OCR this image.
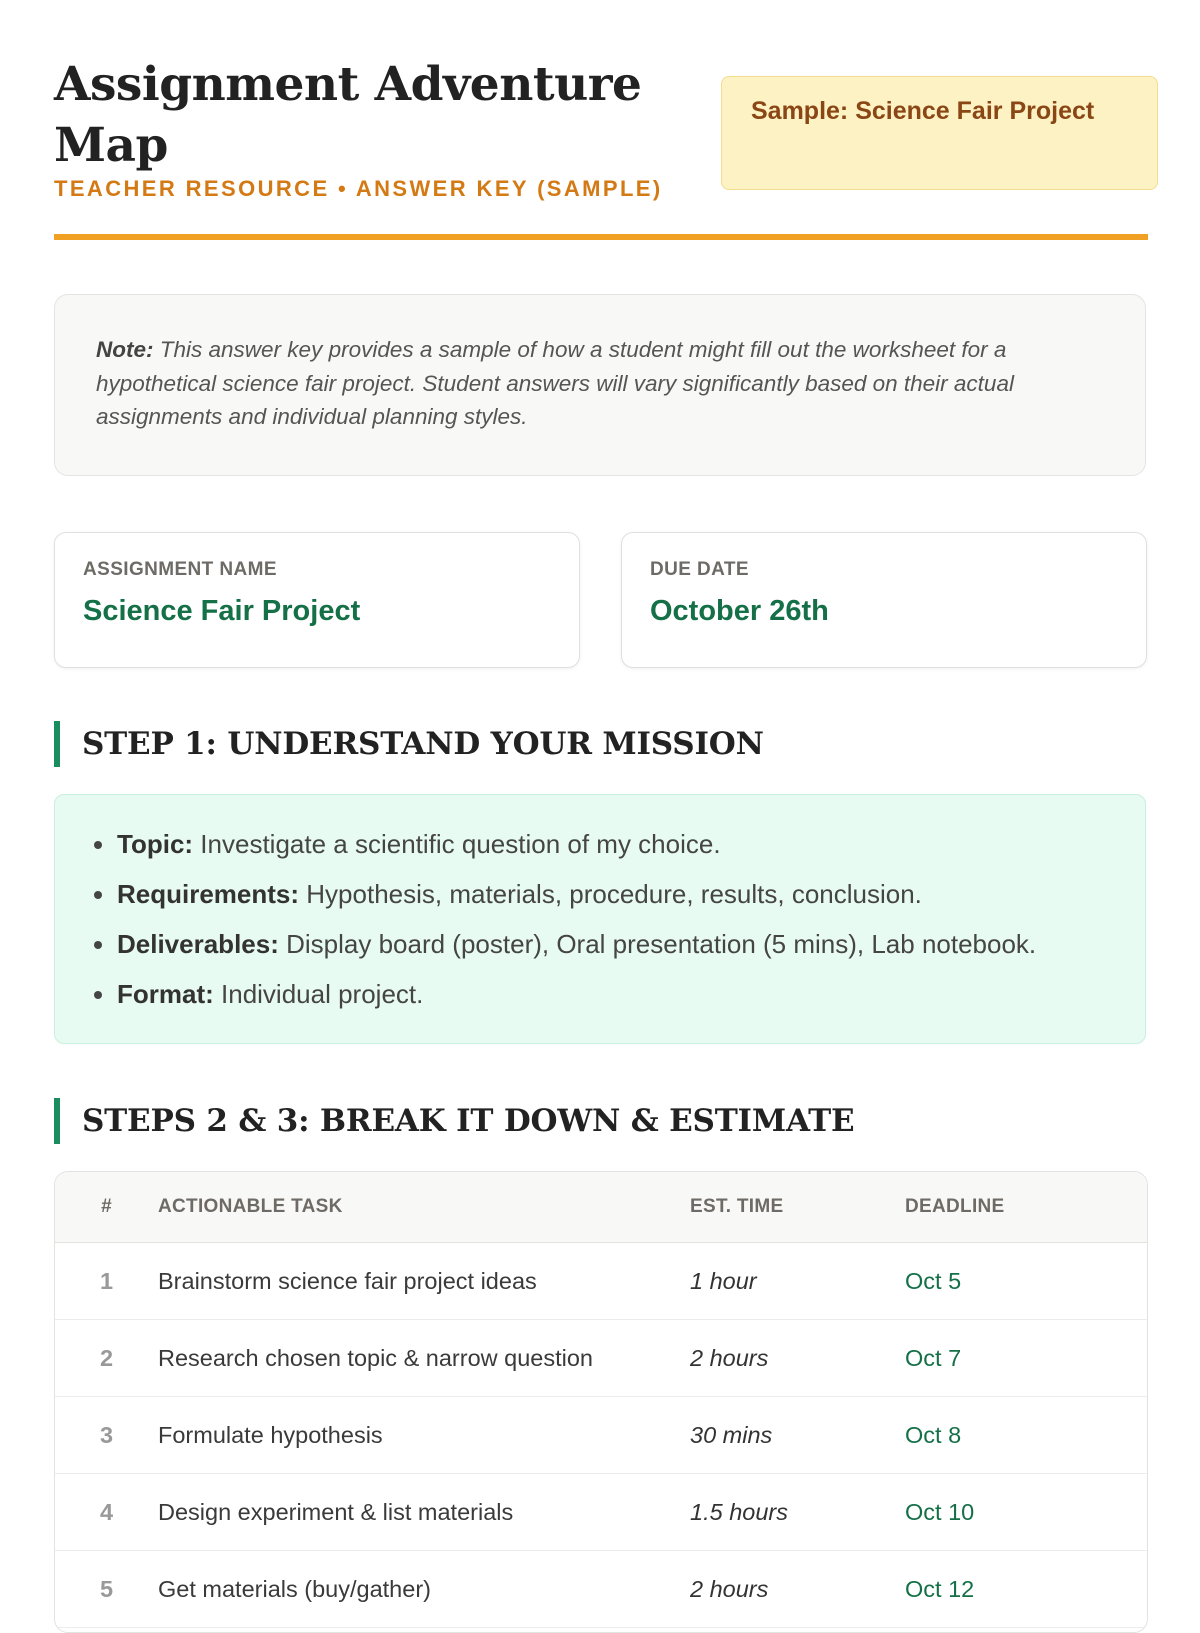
Assignment Adventure Map
TEACHER RESOURCE • ANSWER KEY (SAMPLE)
Sample: Science Fair Project
Note: This answer key provides a sample of how a student might fill out the worksheet for a hypothetical science fair project. Student answers will vary significantly based on their actual assignments and individual planning styles.
ASSIGNMENT NAME
Science Fair Project
DUE DATE
October 26th
STEP 1: UNDERSTAND YOUR MISSION
• Topic: Investigate a scientific question of my choice.
• Requirements: Hypothesis, materials, procedure, results, conclusion.
• Deliverables: Display board (poster), Oral presentation (5 mins), Lab notebook.
• Format: Individual project.
STEPS 2 & 3: BREAK IT DOWN & ESTIMATE
#	ACTIONABLE TASK	EST. TIME	DEADLINE
1	Brainstorm science fair project ideas	1 hour	Oct 5
2	Research chosen topic & narrow question	2 hours	Oct 7
3	Formulate hypothesis	30 mins	Oct 8
4	Design experiment & list materials	1.5 hours	Oct 10
5	Get materials (buy/gather)	2 hours	Oct 12
